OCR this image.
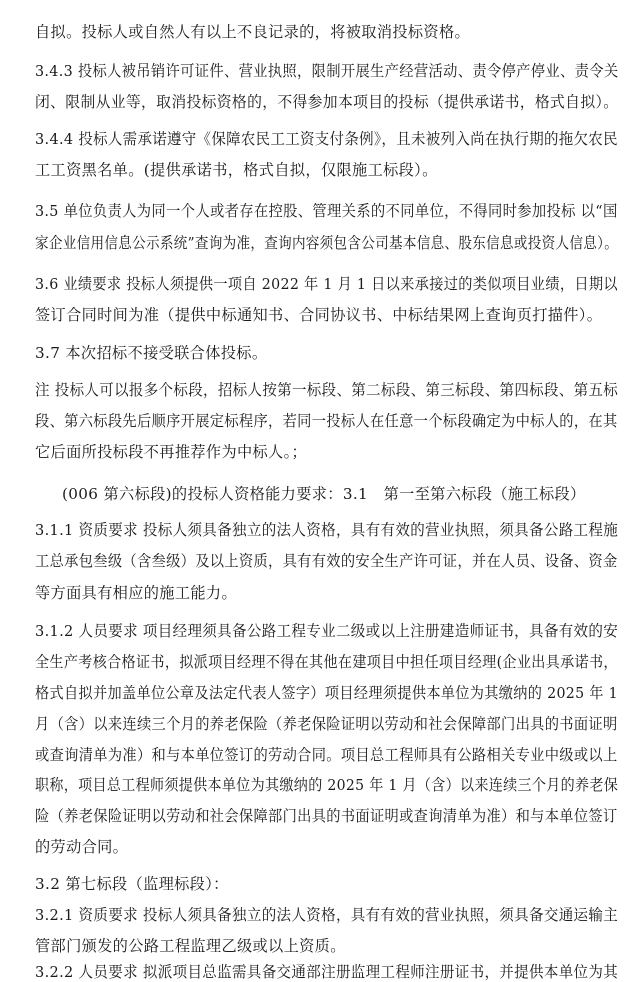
自拟。投标人或自然人有以上不良记录的，将被取消投标资格。
3.4.3 投标人被吊销许可证件、营业执照，限制开展生产经营活动、责令停产停业、责令关
闭、限制从业等，取消投标资格的，不得参加本项目的投标（提供承诺书，格式自拟）。
3.4.4 投标人需承诺遵守《保障农民工工资支付条例》，且未被列入尚在执行期的拖欠农民
工工资黑名单。(提供承诺书，格式自拟，仅限施工标段）。
3.5 单位负责人为同一个人或者存在控股、管理关系的不同单位，不得同时参加投标 以“国
家企业信用信息公示系统”查询为准，查询内容须包含公司基本信息、股东信息或投资人信息）。
3.6 业绩要求 投标人须提供一项自 2022 年 1 月 1 日以来承接过的类似项目业绩，日期以
签订合同时间为准（提供中标通知书、合同协议书、中标结果网上查询页打描件）。
3.7 本次招标不接受联合体投标。
注 投标人可以报多个标段，招标人按第一标段、第二标段、第三标段、第四标段、第五标
段、第六标段先后顺序开展定标程序，若同一投标人在任意一个标段确定为中标人的，在其
它后面所投标段不再推荐作为中标人。；
(006 第六标段)的投标人资格能力要求：3.1　第一至第六标段（施工标段）
3.1.1 资质要求 投标人须具备独立的法人资格，具有有效的营业执照，须具备公路工程施
工总承包叁级（含叁级）及以上资质，具有有效的安全生产许可证，并在人员、设备、资金
等方面具有相应的施工能力。
3.1.2 人员要求 项目经理须具备公路工程专业二级或以上注册建造师证书，具备有效的安
全生产考核合格证书，拟派项目经理不得在其他在建项目中担任项目经理(企业出具承诺书，
格式自拟并加盖单位公章及法定代表人签字）项目经理须提供本单位为其缴纳的 2025 年 1
月（含）以来连续三个月的养老保险（养老保险证明以劳动和社会保障部门出具的书面证明
或查询清单为准）和与本单位签订的劳动合同。项目总工程师具有公路相关专业中级或以上
职称，项目总工程师须提供本单位为其缴纳的 2025 年 1 月（含）以来连续三个月的养老保
险（养老保险证明以劳动和社会保障部门出具的书面证明或查询清单为准）和与本单位签订
的劳动合同。
3.2 第七标段（监理标段）：
3.2.1 资质要求 投标人须具备独立的法人资格，具有有效的营业执照，须具备交通运输主
管部门颁发的公路工程监理乙级或以上资质。
3.2.2 人员要求 拟派项目总监需具备交通部注册监理工程师注册证书，并提供本单位为其
